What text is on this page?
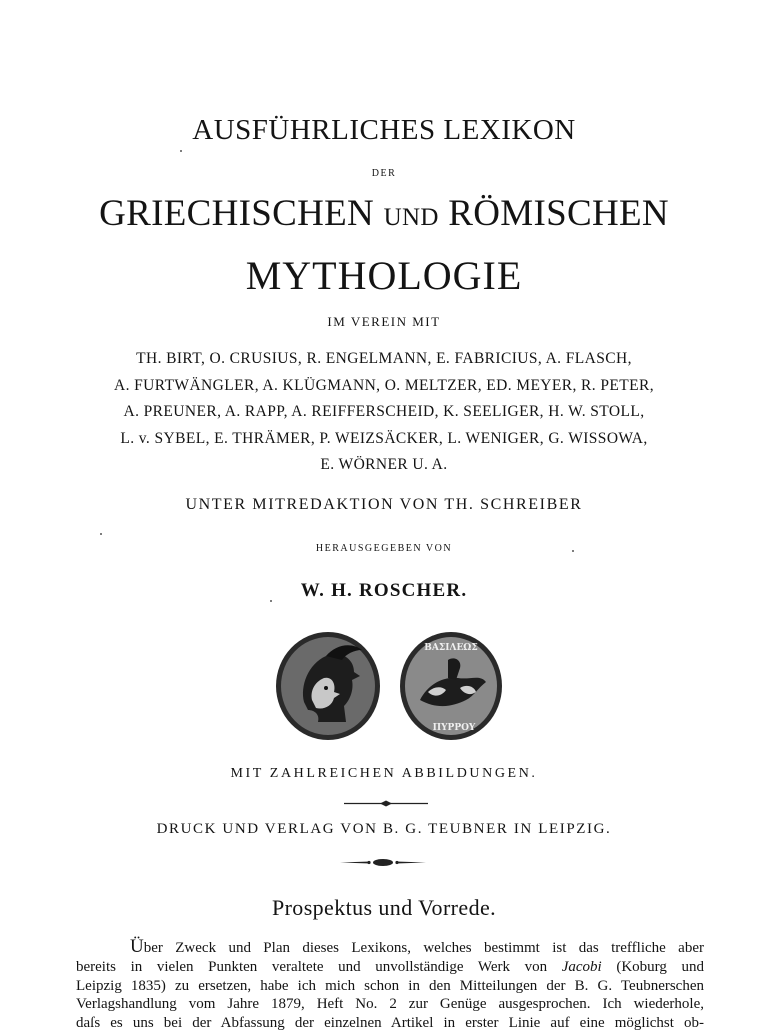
AUSFÜHRLICHES LEXIKON
DER
GRIECHISCHEN UND RÖMISCHEN
MYTHOLOGIE
IM VEREIN MIT
TH. BIRT, O. CRUSIUS, R. ENGELMANN, E. FABRICIUS, A. FLASCH,
A. FURTWÄNGLER, A. KLÜGMANN, O. MELTZER, ED. MEYER, R. PETER,
A. PREUNER, A. RAPP, A. REIFFERSCHEID, K. SEELIGER, H. W. STOLL,
L. v. SYBEL, E. THRÄMER, P. WEIZSÄCKER, L. WENIGER, G. WISSOWA,
E. WÖRNER U. A.
UNTER MITREDAKTION VON TH. SCHREIBER
HERAUSGEGEBEN VON
W. H. ROSCHER.
ΒΑΣΙΛΕΩΣ
ΠΥΡΡΟΥ
MIT ZAHLREICHEN ABBILDUNGEN.
DRUCK UND VERLAG VON B. G. TEUBNER IN LEIPZIG.
Prospektus und Vorrede.

Über Zweck und Plan dieses Lexikons, welches bestimmt ist das treffliche aber

bereits in vielen Punkten veraltete und unvollständige Werk von Jacobi (Koburg und

Leipzig 1835) zu ersetzen, habe ich mich schon in den Mitteilungen der B. G. Teubnerschen

Verlagshandlung vom Jahre 1879, Heft No. 2 zur Genüge ausgesprochen. Ich wiederhole,

daſs es uns bei der Abfassung der einzelnen Artikel in erster Linie auf eine möglichst ob-
